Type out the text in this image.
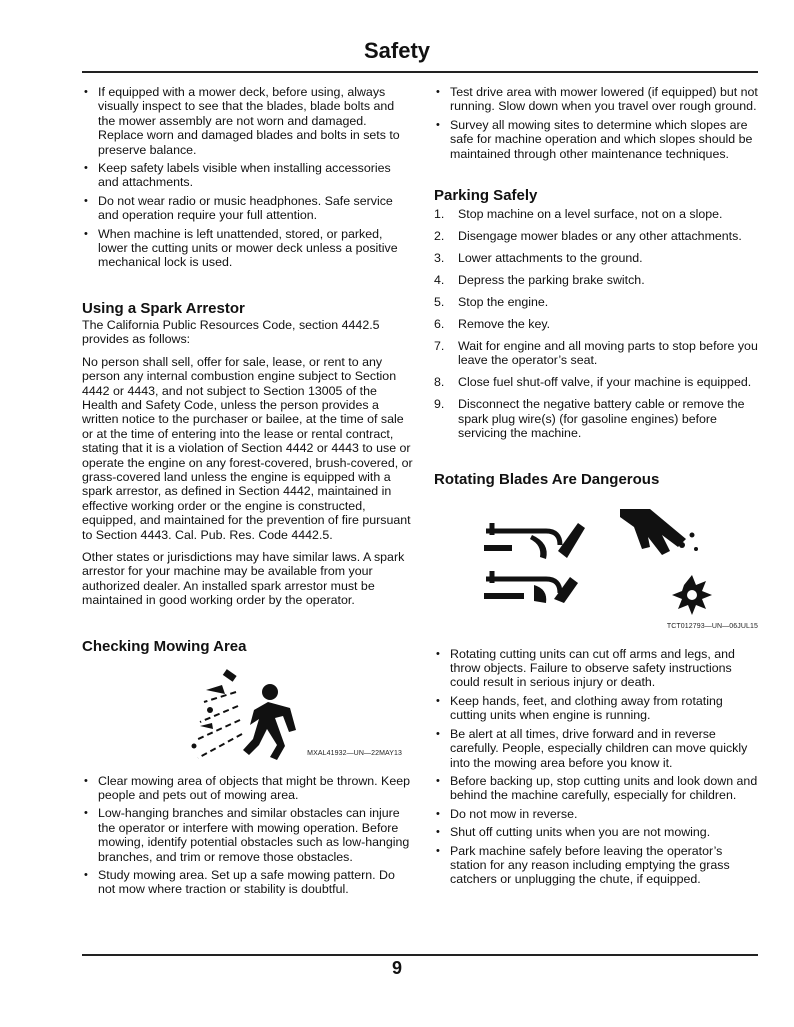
Safety
• If equipped with a mower deck, before using, always visually inspect to see that the blades, blade bolts and the mower assembly are not worn and damaged. Replace worn and damaged blades and bolts in sets to preserve balance.
• Keep safety labels visible when installing accessories and attachments.
• Do not wear radio or music headphones. Safe service and operation require your full attention.
• When machine is left unattended, stored, or parked, lower the cutting units or mower deck unless a positive mechanical lock is used.
Using a Spark Arrestor

The California Public Resources Code, section 4442.5 provides as follows:

No person shall sell, offer for sale, lease, or rent to any person any internal combustion engine subject to Section 4442 or 4443, and not subject to Section 13005 of the Health and Safety Code, unless the person provides a written notice to the purchaser or bailee, at the time of sale or at the time of entering into the lease or rental contract, stating that it is a violation of Section 4442 or 4443 to use or operate the engine on any forest-covered, brush-covered, or grass-covered land unless the engine is equipped with a spark arrestor, as defined in Section 4442, maintained in effective working order or the engine is constructed, equipped, and maintained for the prevention of fire pursuant to Section 4443. Cal. Pub. Res. Code 4442.5.

Other states or jurisdictions may have similar laws. A spark arrestor for your machine may be available from your authorized dealer. An installed spark arrestor must be maintained in good working order by the operator.

Checking Mowing Area
MXAL41932—UN—22MAY13
• Clear mowing area of objects that might be thrown. Keep people and pets out of mowing area.
• Low-hanging branches and similar obstacles can injure the operator or interfere with mowing operation. Before mowing, identify potential obstacles such as low-hanging branches, and trim or remove those obstacles.
• Study mowing area. Set up a safe mowing pattern. Do not mow where traction or stability is doubtful.
• Test drive area with mower lowered (if equipped) but not running. Slow down when you travel over rough ground.
• Survey all mowing sites to determine which slopes are safe for machine operation and which slopes should be maintained through other maintenance techniques.
Parking Safely
1.	Stop machine on a level surface, not on a slope.
2.	Disengage mower blades or any other attachments.
3.	Lower attachments to the ground.
4.	Depress the parking brake switch.
5.	Stop the engine.
6.	Remove the key.
7.	Wait for engine and all moving parts to stop before you leave the operator’s seat.
8.	Close fuel shut-off valve, if your machine is equipped.
9.	Disconnect the negative battery cable or remove the spark plug wire(s) (for gasoline engines) before servicing the machine.
Rotating Blades Are Dangerous
TCT012793—UN—06JUL15
• Rotating cutting units can cut off arms and legs, and throw objects. Failure to observe safety instructions could result in serious injury or death.
• Keep hands, feet, and clothing away from rotating cutting units when engine is running.
• Be alert at all times, drive forward and in reverse carefully. People, especially children can move quickly into the mowing area before you know it.
• Before backing up, stop cutting units and look down and behind the machine carefully, especially for children.
• Do not mow in reverse.
• Shut off cutting units when you are not mowing.
• Park machine safely before leaving the operator’s station for any reason including emptying the grass catchers or unplugging the chute, if equipped.
9
